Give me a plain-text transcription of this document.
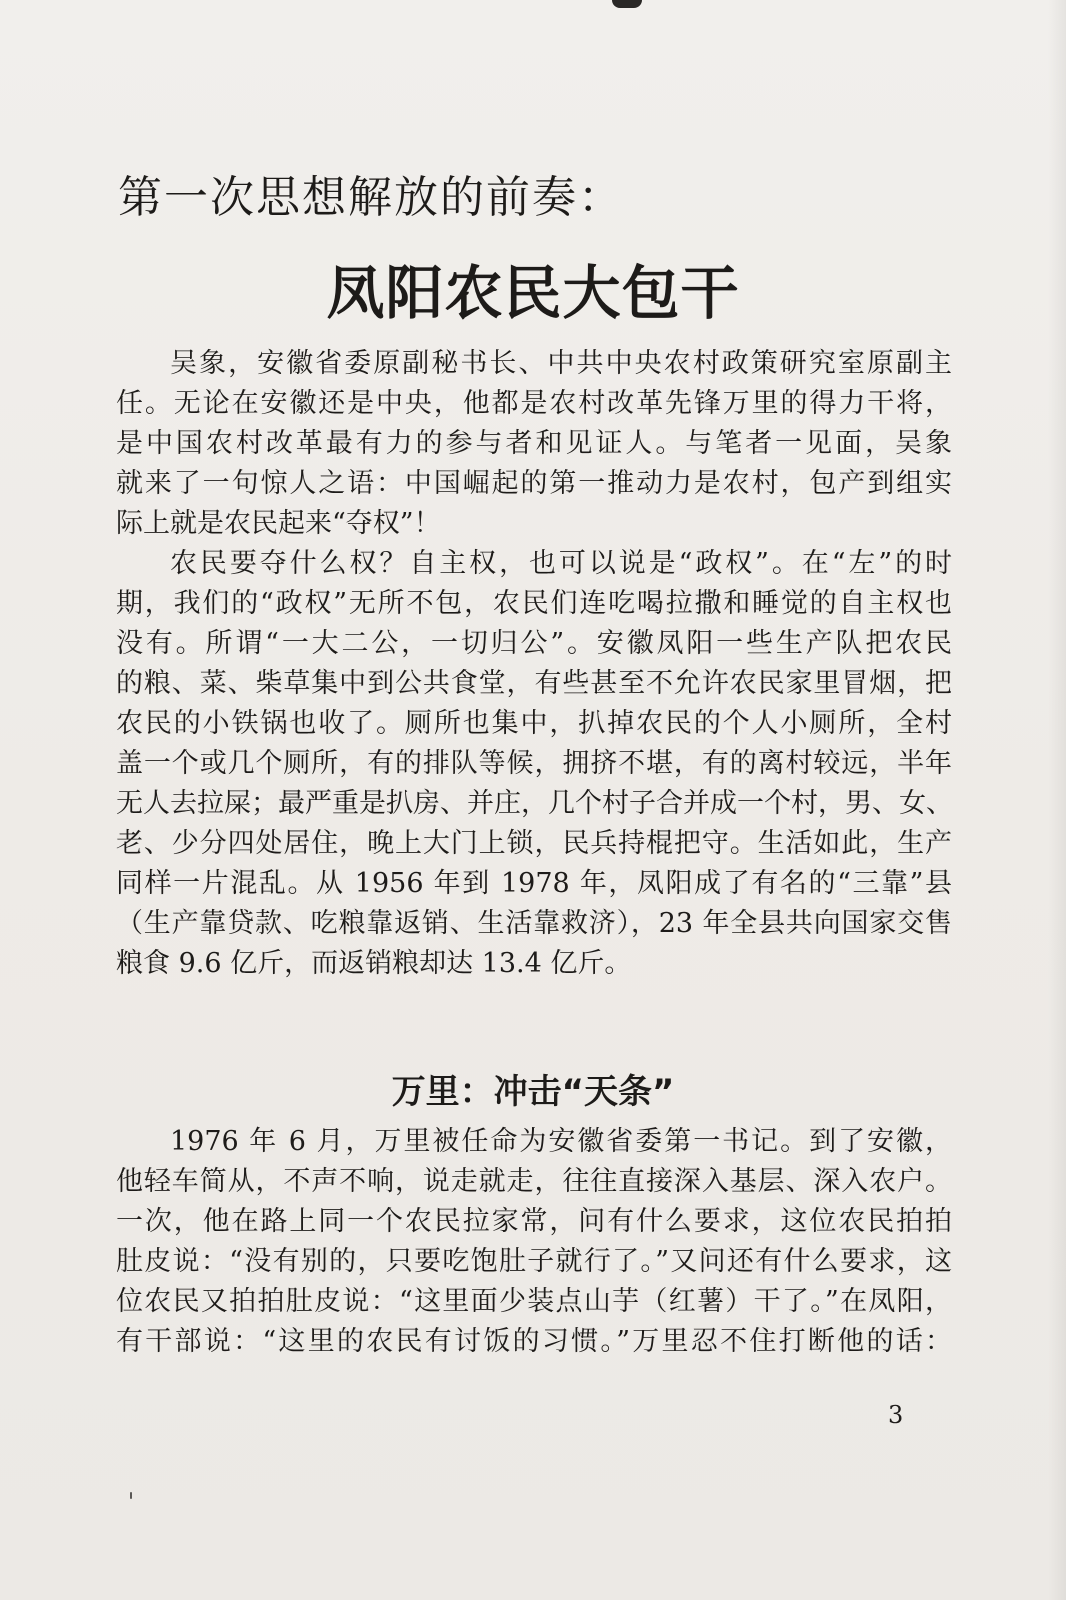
第一次思想解放的前奏：
凤阳农民大包干

吴象，安徽省委原副秘书长、中共中央农村政策研究室原副主

任。无论在安徽还是中央，他都是农村改革先锋万里的得力干将，

是中国农村改革最有力的参与者和见证人。与笔者一见面，吴象

就来了一句惊人之语：中国崛起的第一推动力是农村，包产到组实

际上就是农民起来“夺权”！

农民要夺什么权？自主权，也可以说是“政权”。在“左”的时

期，我们的“政权”无所不包，农民们连吃喝拉撒和睡觉的自主权也

没有。所谓“一大二公，一切归公”。安徽凤阳一些生产队把农民

的粮、菜、柴草集中到公共食堂，有些甚至不允许农民家里冒烟，把

农民的小铁锅也收了。厕所也集中，扒掉农民的个人小厕所，全村

盖一个或几个厕所，有的排队等候，拥挤不堪，有的离村较远，半年

无人去拉屎；最严重是扒房、并庄，几个村子合并成一个村，男、女、

老、少分四处居住，晚上大门上锁，民兵持棍把守。生活如此，生产

同样一片混乱。从 1956 年到 1978 年，凤阳成了有名的“三靠”县

（生产靠贷款、吃粮靠返销、生活靠救济），23 年全县共向国家交售

粮食 9.6 亿斤，而返销粮却达 13.4 亿斤。

万里：冲击“天条”

1976 年 6 月，万里被任命为安徽省委第一书记。到了安徽，

他轻车简从，不声不响，说走就走，往往直接深入基层、深入农户。

一次，他在路上同一个农民拉家常，问有什么要求，这位农民拍拍

肚皮说：“没有别的，只要吃饱肚子就行了。”又问还有什么要求，这

位农民又拍拍肚皮说：“这里面少装点山芋（红薯）干了。”在凤阳，

有干部说：“这里的农民有讨饭的习惯。”万里忍不住打断他的话：

3
